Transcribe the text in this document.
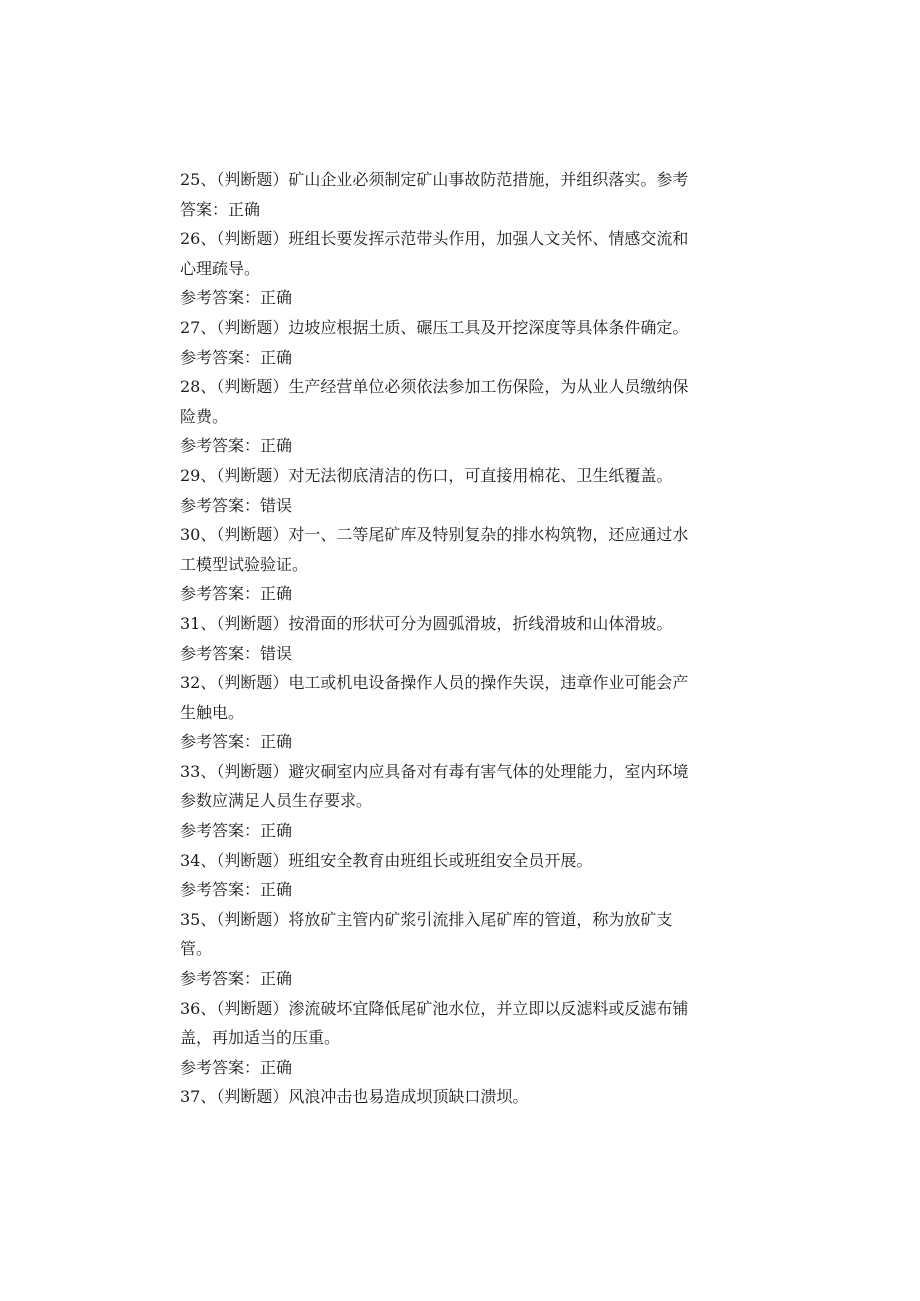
25、（判断题）矿山企业必须制定矿山事故防范措施，并组织落实。参考
答案：正确
26、（判断题）班组长要发挥示范带头作用，加强人文关怀、情感交流和
心理疏导。
参考答案：正确
27、（判断题）边坡应根据土质、碾压工具及开挖深度等具体条件确定。
参考答案：正确
28、（判断题）生产经营单位必须依法参加工伤保险，为从业人员缴纳保
险费。
参考答案：正确
29、（判断题）对无法彻底清洁的伤口，可直接用棉花、卫生纸覆盖。
参考答案：错误
30、（判断题）对一、二等尾矿库及特别复杂的排水构筑物，还应通过水
工模型试验验证。
参考答案：正确
31、（判断题）按滑面的形状可分为圆弧滑坡，折线滑坡和山体滑坡。
参考答案：错误
32、（判断题）电工或机电设备操作人员的操作失误，违章作业可能会产
生触电。
参考答案：正确
33、（判断题）避灾硐室内应具备对有毒有害气体的处理能力，室内环境
参数应满足人员生存要求。
参考答案：正确
34、（判断题）班组安全教育由班组长或班组安全员开展。
参考答案：正确
35、（判断题）将放矿主管内矿浆引流排入尾矿库的管道，称为放矿支
管。
参考答案：正确
36、（判断题）渗流破坏宜降低尾矿池水位，并立即以反滤料或反滤布铺
盖，再加适当的压重。
参考答案：正确
37、（判断题）风浪冲击也易造成坝顶缺口溃坝。
